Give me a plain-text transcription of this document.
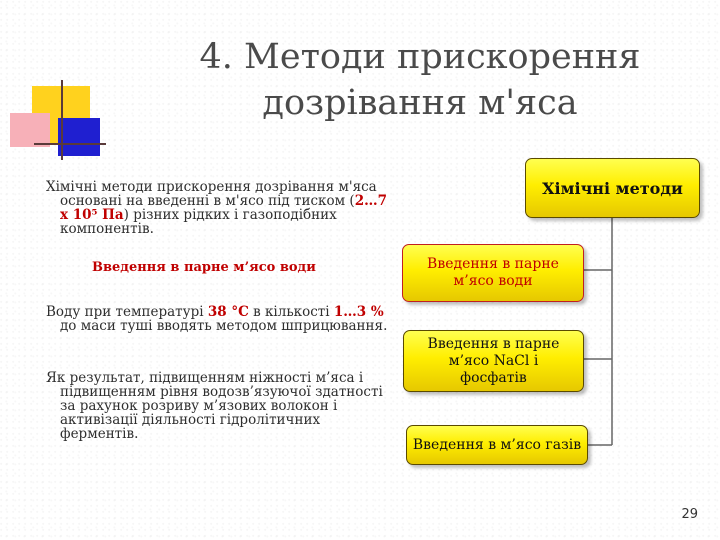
4. Методи прискорення
дозрівання м'яса
Хімічні методи прискорення дозрівання м'яса основані на введенні в м'ясо під тиском (2…7 х 10⁵ Па) різних рідких і газоподібних компонентів.
Введення в парне м’ясо води
Воду при температурі 38 °С в кількості 1…3 % до маси туші вводять методом шприцювання.
Як результат, підвищенням ніжності м’яса і підвищенням рівня водозв’язуючої здатності за рахунок розриву м’язових волокон і активізації діяльності гідролітичних ферментів.
Хімічні методи
Введення в парне м’ясо води
Введення в парне м’ясо NaCl і фосфатів
Введення в м’ясо газів
29
